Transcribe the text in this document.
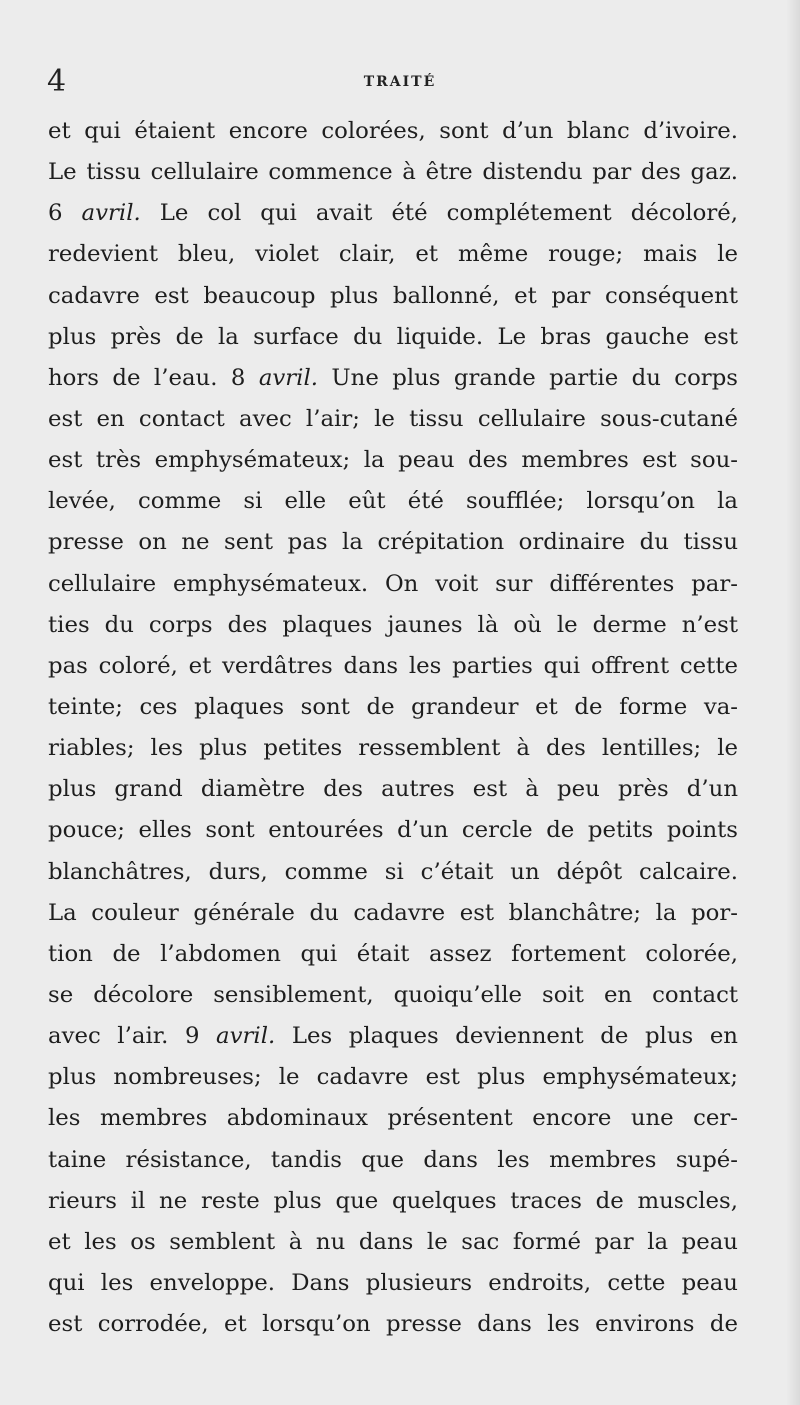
4	TRAITÉ
et qui étaient encore colorées, sont d’un blanc d’ivoire.
Le tissu cellulaire commence à être distendu par des gaz.
6 avril. Le col qui avait été complétement décoloré,
redevient bleu, violet clair, et même rouge; mais le
cadavre est beaucoup plus ballonné, et par conséquent
plus près de la surface du liquide. Le bras gauche est
hors de l’eau. 8 avril. Une plus grande partie du corps
est en contact avec l’air; le tissu cellulaire sous-cutané
est très emphysémateux; la peau des membres est sou-
levée, comme si elle eût été soufflée; lorsqu’on la
presse on ne sent pas la crépitation ordinaire du tissu
cellulaire emphysémateux. On voit sur différentes par-
ties du corps des plaques jaunes là où le derme n’est
pas coloré, et verdâtres dans les parties qui offrent cette
teinte; ces plaques sont de grandeur et de forme va-
riables; les plus petites ressemblent à des lentilles; le
plus grand diamètre des autres est à peu près d’un
pouce; elles sont entourées d’un cercle de petits points
blanchâtres, durs, comme si c’était un dépôt calcaire.
La couleur générale du cadavre est blanchâtre; la por-
tion de l’abdomen qui était assez fortement colorée,
se décolore sensiblement, quoiqu’elle soit en contact
avec l’air. 9 avril. Les plaques deviennent de plus en
plus nombreuses; le cadavre est plus emphysémateux;
les membres abdominaux présentent encore une cer-
taine résistance, tandis que dans les membres supé-
rieurs il ne reste plus que quelques traces de muscles,
et les os semblent à nu dans le sac formé par la peau
qui les enveloppe. Dans plusieurs endroits, cette peau
est corrodée, et lorsqu’on presse dans les environs de
